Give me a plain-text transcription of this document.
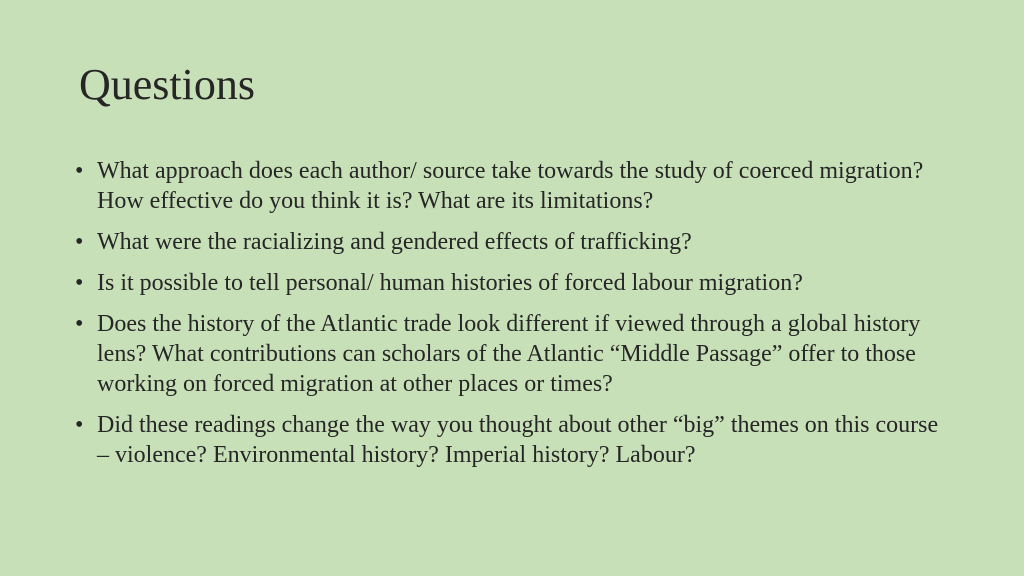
Questions
• What approach does each author/ source take towards the study of coerced migration? How effective do you think it is? What are its limitations?
• What were the racializing and gendered effects of trafficking?
• Is it possible to tell personal/ human histories of forced labour migration?
• Does the history of the Atlantic trade look different if viewed through a global history lens? What contributions can scholars of the Atlantic “Middle Passage” offer to those working on forced migration at other places or times?
• Did these readings change the way you thought about other “big” themes on this course – violence? Environmental history? Imperial history? Labour?
